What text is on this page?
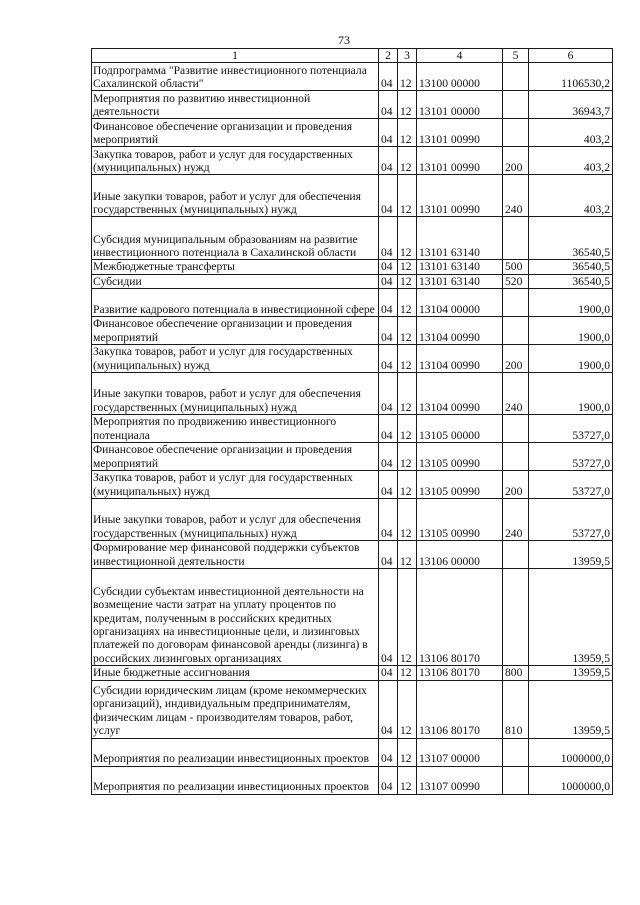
73
1	2	3	4	5	6
Подпрограмма "Развитие инвестиционного потенциала Сахалинской области"	04	12	13100 00000		1106530,2
Мероприятия по развитию инвестиционной деятельности	04	12	13101 00000		36943,7
Финансовое обеспечение организации и проведения мероприятий	04	12	13101 00990		403,2
Закупка товаров, работ и услуг для государственных (муниципальных) нужд	04	12	13101 00990	200	403,2
Иные закупки товаров, работ и услуг для обеспечения государственных (муниципальных) нужд	04	12	13101 00990	240	403,2
Субсидия муниципальным образованиям на развитие инвестиционного потенциала в Сахалинской области	04	12	13101 63140		36540,5
Межбюджетные трансферты	04	12	13101 63140	500	36540,5
Субсидии	04	12	13101 63140	520	36540,5
Развитие кадрового потенциала в инвестиционной сфере	04	12	13104 00000		1900,0
Финансовое обеспечение организации и проведения мероприятий	04	12	13104 00990		1900,0
Закупка товаров, работ и услуг для государственных (муниципальных) нужд	04	12	13104 00990	200	1900,0
Иные закупки товаров, работ и услуг для обеспечения государственных (муниципальных) нужд	04	12	13104 00990	240	1900,0
Мероприятия по продвижению инвестиционного потенциала	04	12	13105 00000		53727,0
Финансовое обеспечение организации и проведения мероприятий	04	12	13105 00990		53727,0
Закупка товаров, работ и услуг для государственных (муниципальных) нужд	04	12	13105 00990	200	53727,0
Иные закупки товаров, работ и услуг для обеспечения государственных (муниципальных) нужд	04	12	13105 00990	240	53727,0
Формирование мер финансовой поддержки субъектов инвестиционной деятельности	04	12	13106 00000		13959,5
Субсидии субъектам инвестиционной деятельности на возмещение части затрат на уплату процентов по кредитам, полученным в российских кредитных организациях на инвестиционные цели, и лизинговых платежей по договорам финансовой аренды (лизинга) в российских лизинговых организациях	04	12	13106 80170		13959,5
Иные бюджетные ассигнования	04	12	13106 80170	800	13959,5
Субсидии юридическим лицам (кроме некоммерческих организаций), индивидуальным предпринимателям, физическим лицам - производителям товаров, работ, услуг	04	12	13106 80170	810	13959,5
Мероприятия по реализации инвестиционных проектов	04	12	13107 00000		1000000,0
Мероприятия по реализации инвестиционных проектов	04	12	13107 00990		1000000,0
